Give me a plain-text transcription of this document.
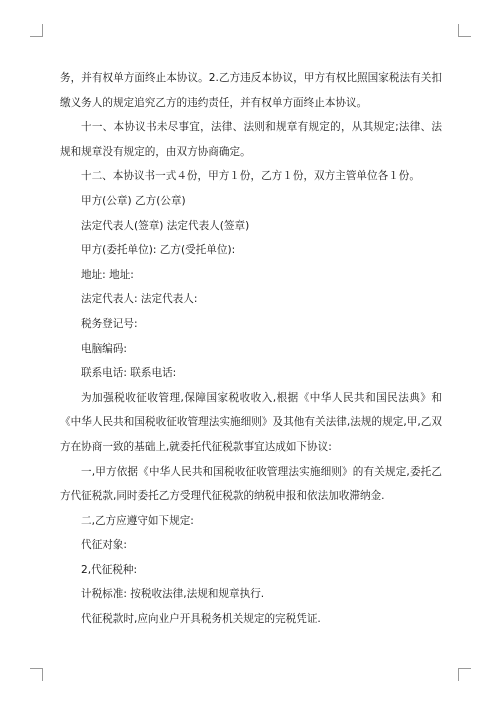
务，并有权单方面终止本协议。2.乙方违反本协议，甲方有权比照国家税法有关扣缴义务人的规定追究乙方的违约责任，并有权单方面终止本协议。

十一、本协议书未尽事宜，法律、法则和规章有规定的，从其规定;法律、法规和规章没有规定的，由双方协商确定。

十二、本协议书一式４份，甲方１份，乙方１份，双方主管单位各１份。

甲方(公章) 乙方(公章)

法定代表人(签章) 法定代表人(签章)

甲方(委托单位): 乙方(受托单位):

地址: 地址:

法定代表人: 法定代表人:

税务登记号:

电脑编码:

联系电话: 联系电话:

为加强税收征收管理,保障国家税收收入,根据《中华人民共和国民法典》和《中华人民共和国税收征收管理法实施细则》及其他有关法律,法规的规定,甲,乙双方在协商一致的基础上,就委托代征税款事宜达成如下协议:

一,甲方依据《中华人民共和国税收征收管理法实施细则》的有关规定,委托乙方代征税款,同时委托乙方受理代征税款的纳税申报和依法加收滞纳金.

二,乙方应遵守如下规定:

代征对象:

2,代征税种:

计税标准: 按税收法律,法规和规章执行.

代征税款时,应向业户开具税务机关规定的完税凭证.
